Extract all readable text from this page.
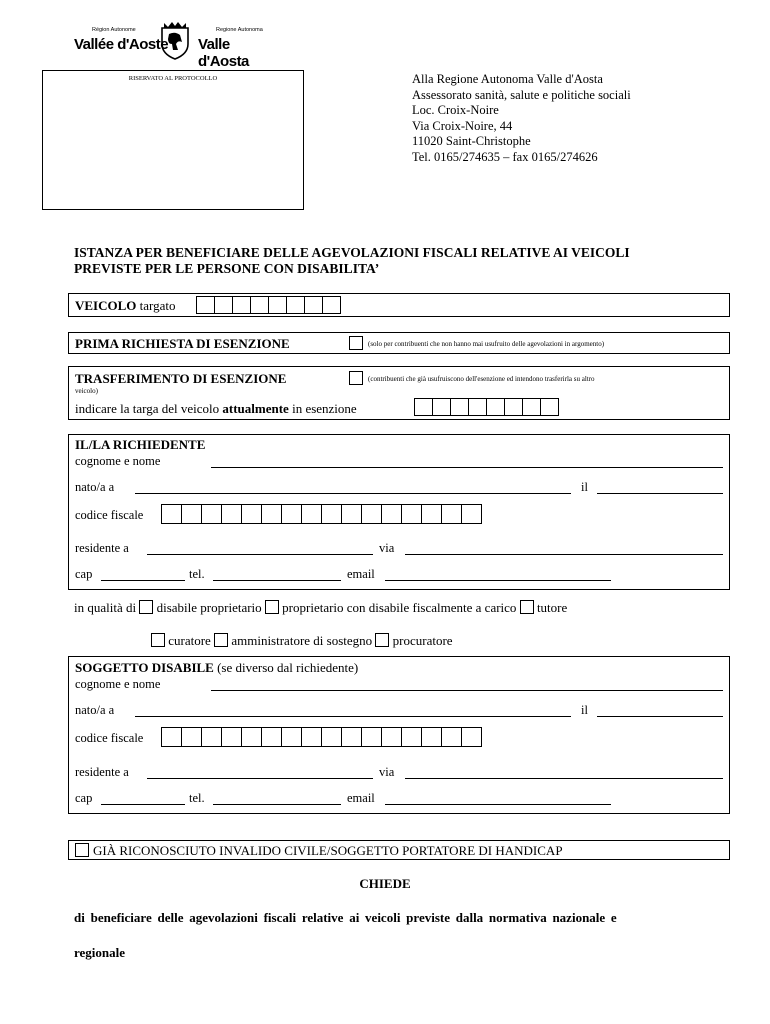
Région Autonome
Vallée d'Aoste
Regione Autonoma
Valle d'Aosta
RISERVATO AL PROTOCOLLO	Alla Regione Autonoma Valle d'Aosta
Assessorato sanità, salute e politiche sociali
Loc. Croix-Noire
Via Croix-Noire, 44
11020 Saint-Christophe
Tel. 0165/274635 – fax 0165/274626
ISTANZA PER BENEFICIARE DELLE AGEVOLAZIONI FISCALI RELATIVE AI VEICOLI
PREVISTE PER LE PERSONE CON DISABILITA’
VEICOLO targato
PRIMA RICHIESTA DI ESENZIONE	(solo per contribuenti che non hanno mai usufruito delle agevolazioni in argomento)
TRASFERIMENTO DI ESENZIONE	(contribuenti che già usufruiscono dell'esenzione ed intendono trasferirla su altro
veicolo)
indicare la targa del veicolo attualmente in esenzione
IL/LA RICHIEDENTE
cognome e nome
nato/a a	il
codice fiscale
residente a	via
cap	tel.	email
in qualità di disabile proprietario proprietario con disabile fiscalmente a carico tutore
curatore amministratore di sostegno procuratore
SOGGETTO DISABILE (se diverso dal richiedente)
cognome e nome
nato/a a	il
codice fiscale
residente a	via
cap	tel.	email
GIÀ RICONOSCIUTO INVALIDO CIVILE/SOGGETTO PORTATORE DI HANDICAP
CHIEDE
di beneficiare delle agevolazioni fiscali relative ai veicoli previste dalla normativa nazionale e
regionale
